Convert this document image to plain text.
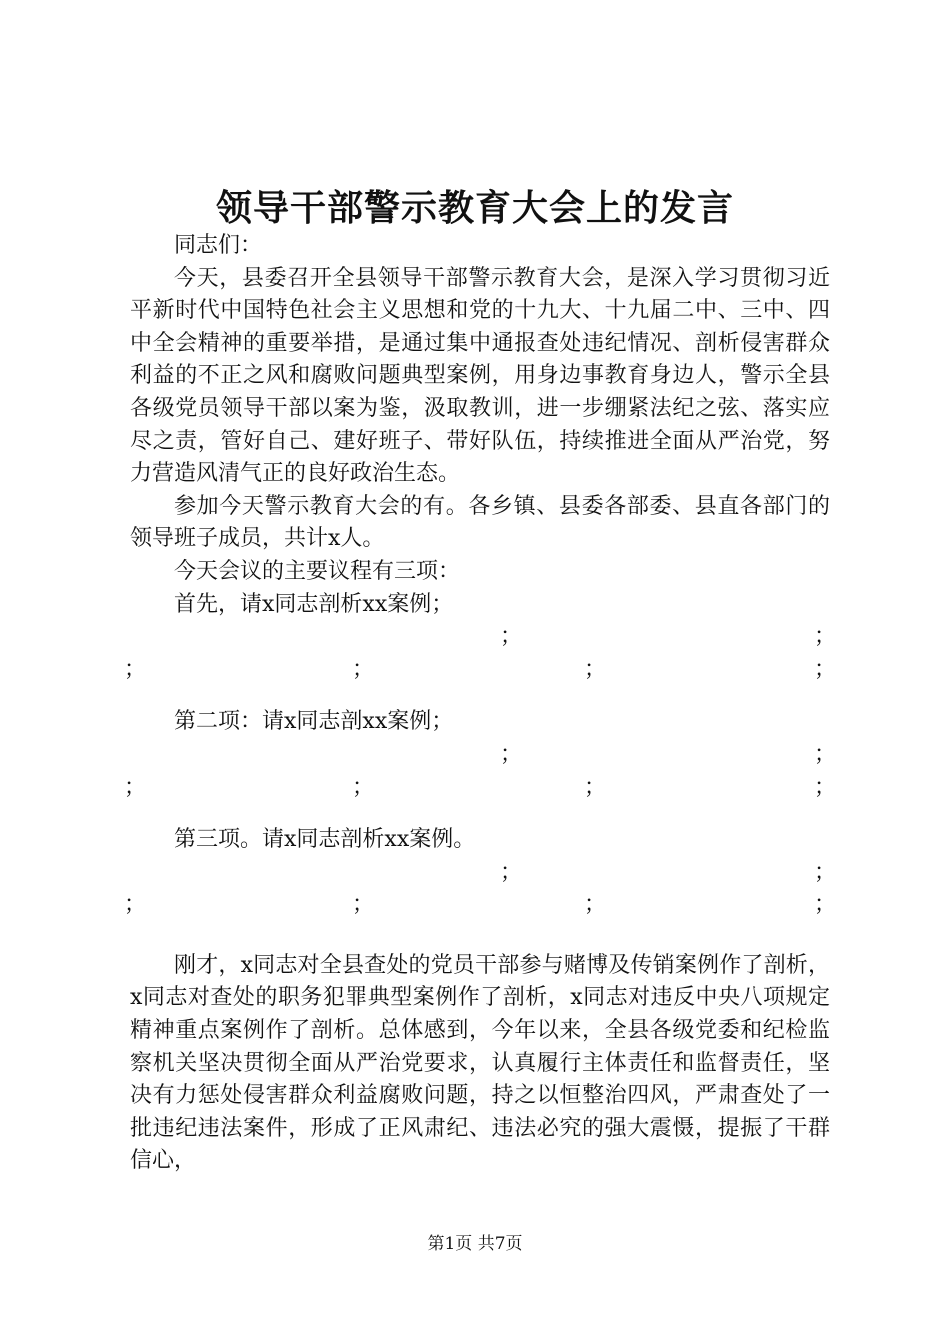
领导干部警示教育大会上的发言

同志们：

今天，县委召开全县领导干部警示教育大会，是深入学习贯彻习近平新时代中国特色社会主义思想和党的十九大、十九届二中、三中、四中全会精神的重要举措，是通过集中通报查处违纪情况、剖析侵害群众利益的不正之风和腐败问题典型案例，用身边事教育身边人，警示全县各级党员领导干部以案为鉴，汲取教训，进一步绷紧法纪之弦、落实应尽之责，管好自己、建好班子、带好队伍，持续推进全面从严治党，努力营造风清气正的良好政治生态。

参加今天警示教育大会的有。各乡镇、县委各部委、县直各部门的领导班子成员，共计x人。

今天会议的主要议程有三项：

首先，请x同志剖析xx案例；

；	；
；	；	；	；

第二项：请x同志剖xx案例；

；	；
；	；	；	；

第三项。请x同志剖析xx案例。

；	；
；	；	；	；

刚才，x同志对全县查处的党员干部参与赌博及传销案例作了剖析，x同志对查处的职务犯罪典型案例作了剖析，x同志对违反中央八项规定精神重点案例作了剖析。总体感到，今年以来，全县各级党委和纪检监察机关坚决贯彻全面从严治党要求，认真履行主体责任和监督责任，坚决有力惩处侵害群众利益腐败问题，持之以恒整治四风，严肃查处了一批违纪违法案件，形成了正风肃纪、违法必究的强大震慑，提振了干群信心，

第1页 共7页
